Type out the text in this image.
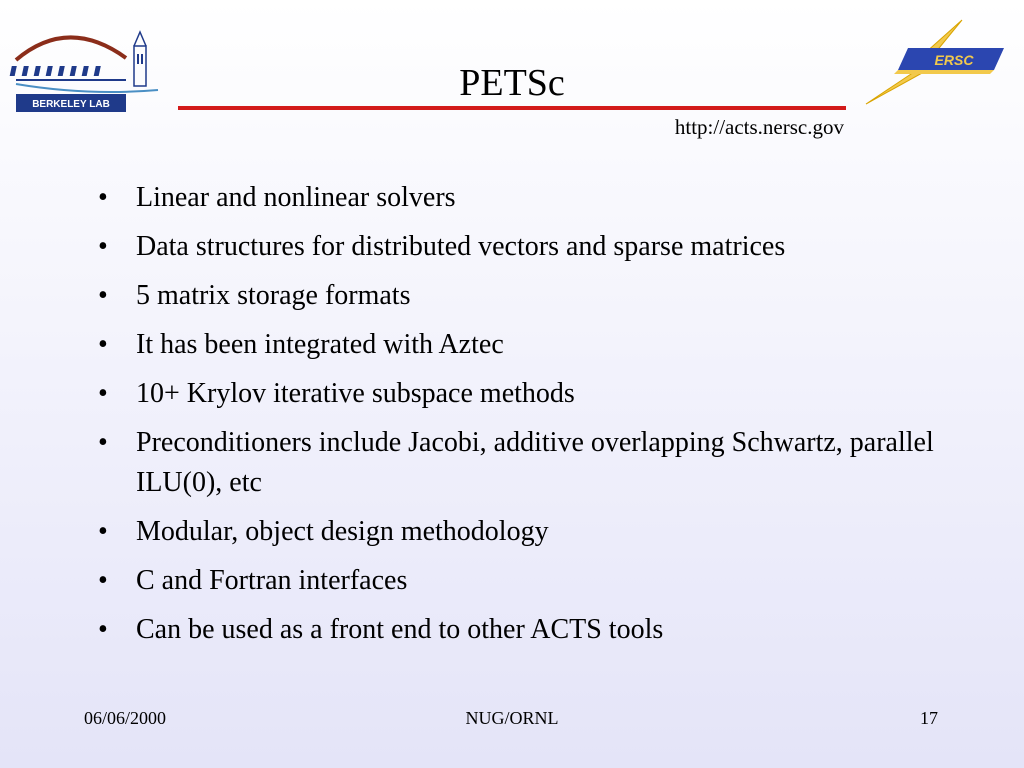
BERKELEY LAB
ERSC
PETSc
http://acts.nersc.gov
• Linear and nonlinear solvers
• Data structures for distributed vectors and sparse matrices
• 5 matrix storage formats
• It has been integrated with Aztec
• 10+ Krylov iterative subspace methods
• Preconditioners include Jacobi, additive overlapping Schwartz, parallel ILU(0), etc
• Modular, object design methodology
• C and Fortran interfaces
• Can be used as a front end to other ACTS tools
06/06/2000	NUG/ORNL	17
